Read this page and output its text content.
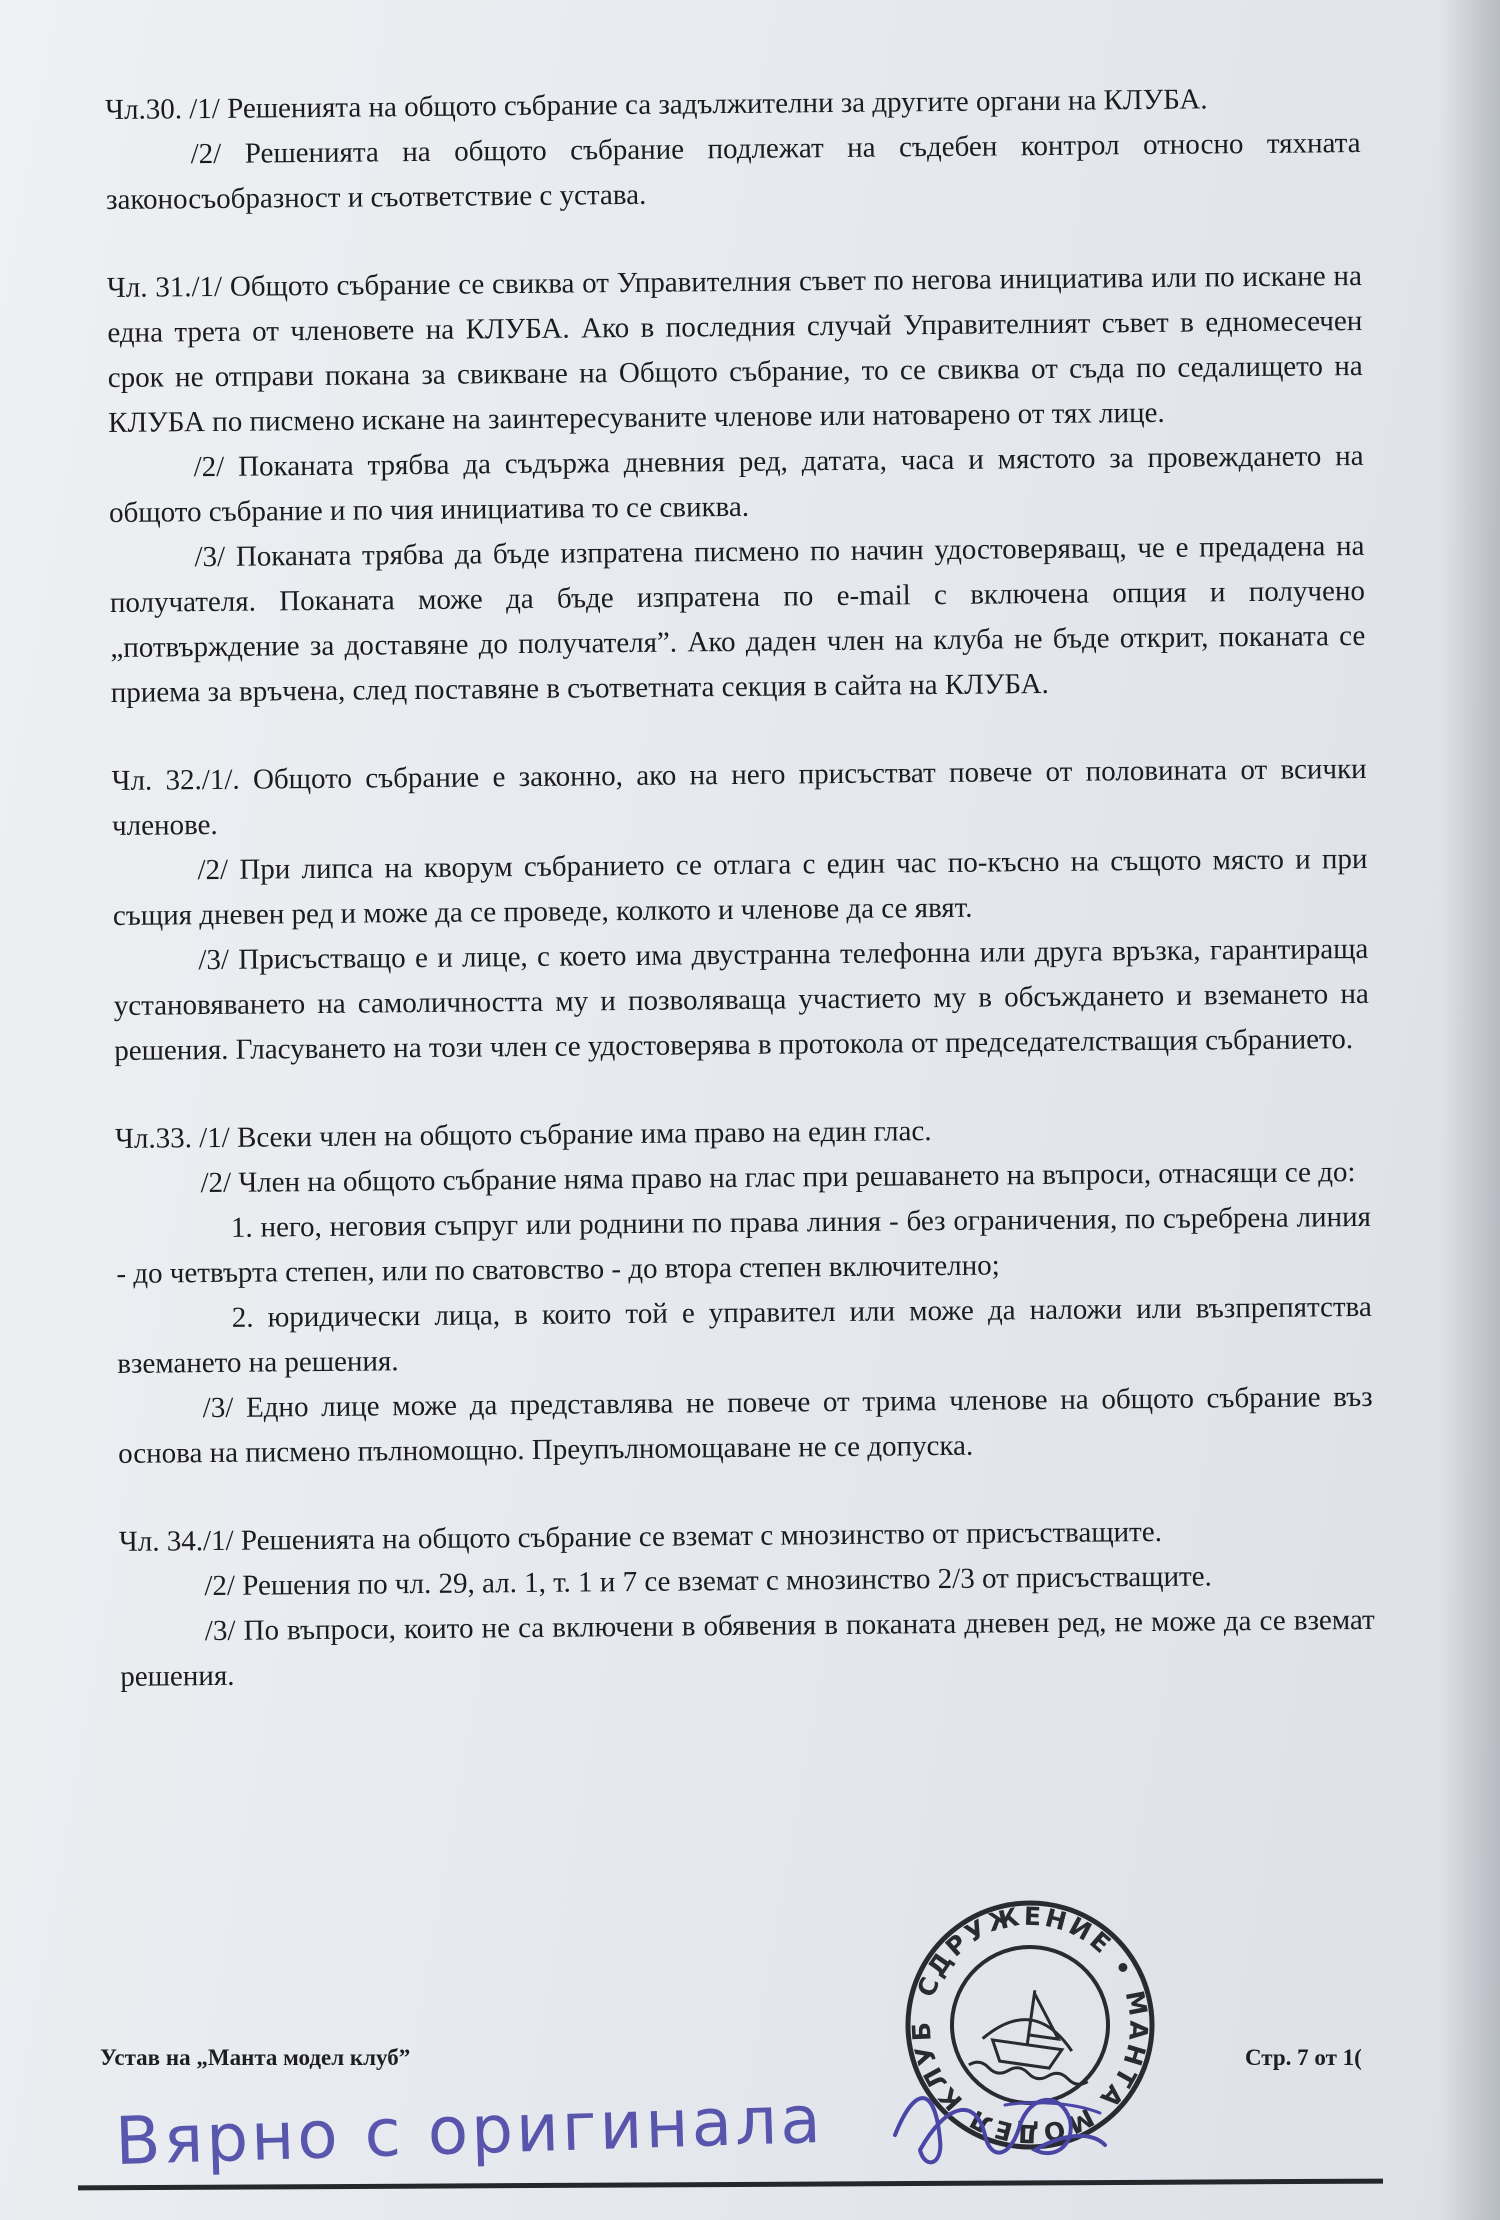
Чл.30. /1/ Решенията на общото събрание са задължителни за другите органи на КЛУБА.

/2/ Решенията на общото събрание подлежат на съдебен контрол относно тяхната законосъобразност и съответствие с устава.

Чл. 31./1/ Общото събрание се свиква от Управителния съвет по негова инициатива или по искане на една трета от членовете на КЛУБА. Ако в последния случай Управителният съвет в едномесечен срок не отправи покана за свикване на Общото събрание, то се свиква от съда по седалището на КЛУБА по писмено искане на заинтересуваните членове или натоварено от тях лице.

/2/ Поканата трябва да съдържа дневния ред, датата, часа и мястото за провеждането на общото събрание и по чия инициатива то се свиква.

/3/ Поканата трябва да бъде изпратена писмено по начин удостоверяващ, че е предадена на получателя. Поканата може да бъде изпратена по e-mail с включена опция и получено „потвърждение за доставяне до получателя”. Ако даден член на клуба не бъде открит, поканата се приема за връчена, след поставяне в съответната секция в сайта на КЛУБА.

Чл. 32./1/. Общото събрание е законно, ако на него присъстват повече от половината от всички членове.

/2/ При липса на кворум събранието се отлага с един час по-късно на същото място и при същия дневен ред и може да се проведе, колкото и членове да се явят.

/3/ Присъстващо е и лице, с което има двустранна телефонна или друга връзка, гарантираща установяването на самоличността му и позволяваща участието му в обсъждането и вземането на решения. Гласуването на този член се удостоверява в протокола от председателстващия събранието.

Чл.33. /1/ Всеки член на общото събрание има право на един глас.

/2/ Член на общото събрание няма право на глас при решаването на въпроси, отнасящи се до:

1. него, неговия съпруг или роднини по права линия - без ограничения, по съребрена линия - до четвърта степен, или по сватовство - до втора степен включително;

2. юридически лица, в които той е управител или може да наложи или възпрепятства вземането на решения.

/3/ Едно лице може да представлява не повече от трима членове на общото събрание въз основа на писмено пълномощно. Преупълномощаване не се допуска.

Чл. 34./1/ Решенията на общото събрание се вземат с мнозинство от присъстващите.

/2/ Решения по чл. 29, ал. 1, т. 1 и 7 се вземат с мнозинство 2/3 от присъстващите.

/3/ По въпроси, които не са включени в обявения в поканата дневен ред, не може да се вземат решения.

Устав на „Манта модел клуб”	Стр. 7 от 1(
СДРУЖЕНИЕ • МАНТА МОДЕЛ КЛУБ
Вярно с оригинала
